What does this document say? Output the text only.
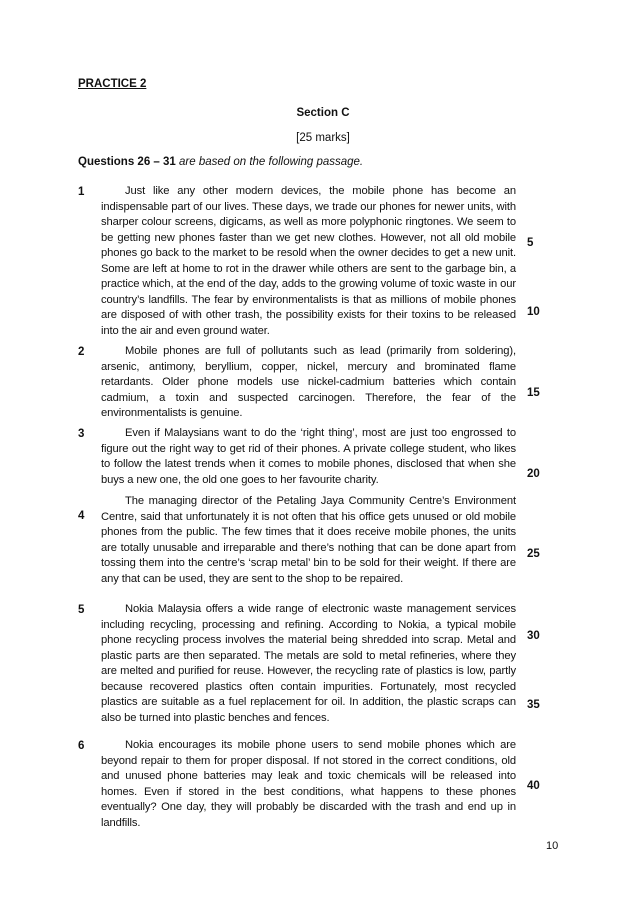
PRACTICE 2
Section C
[25 marks]
Questions 26 – 31 are based on the following passage.
1	Just like any other modern devices, the mobile phone has become an indispensable part of our lives. These days, we trade our phones for newer units, with sharper colour screens, digicams, as well as more polyphonic ringtones. We seem to be getting new phones faster than we get new clothes. However, not all old mobile phones go back to the market to be resold when the owner decides to get a new unit. Some are left at home to rot in the drawer while others are sent to the garbage bin, a practice which, at the end of the day, adds to the growing volume of toxic waste in our country’s landfills. The fear by environmentalists is that as millions of mobile phones are disposed of with other trash, the possibility exists for their toxins to be released into the air and even ground water.

2	Mobile phones are full of pollutants such as lead (primarily from soldering), arsenic, antimony, beryllium, copper, nickel, mercury and brominated flame retardants. Older phone models use nickel-cadmium batteries which contain cadmium, a toxin and suspected carcinogen. Therefore, the fear of the environmentalists is genuine.

3	Even if Malaysians want to do the ‘right thing’, most are just too engrossed to figure out the right way to get rid of their phones. A private college student, who likes to follow the latest trends when it comes to mobile phones, disclosed that when she buys a new one, the old one goes to her favourite charity.

4

The managing director of the Petaling Jaya Community Centre’s Environment Centre, said that unfortunately it is not often that his office gets unused or old mobile phones from the public. The few times that it does receive mobile phones, the units are totally unusable and irreparable and there’s nothing that can be done apart from tossing them into the centre’s ‘scrap metal’ bin to be sold for their weight. If there are any that can be used, they are sent to the shop to be repaired.

5	Nokia Malaysia offers a wide range of electronic waste management services including recycling, processing and refining. According to Nokia, a typical mobile phone recycling process involves the material being shredded into scrap. Metal and plastic parts are then separated. The metals are sold to metal refineries, where they are melted and purified for reuse. However, the recycling rate of plastics is low, partly because recovered plastics often contain impurities. Fortunately, most recycled plastics are suitable as a fuel replacement for oil. In addition, the plastic scraps can also be turned into plastic benches and fences.

6	Nokia encourages its mobile phone users to send mobile phones which are beyond repair to them for proper disposal. If not stored in the correct conditions, old and unused phone batteries may leak and toxic chemicals will be released into homes. Even if stored in the best conditions, what happens to these phones eventually? One day, they will probably be discarded with the trash and end up in landfills.

5
10
15
20
25
30
35
40
10
